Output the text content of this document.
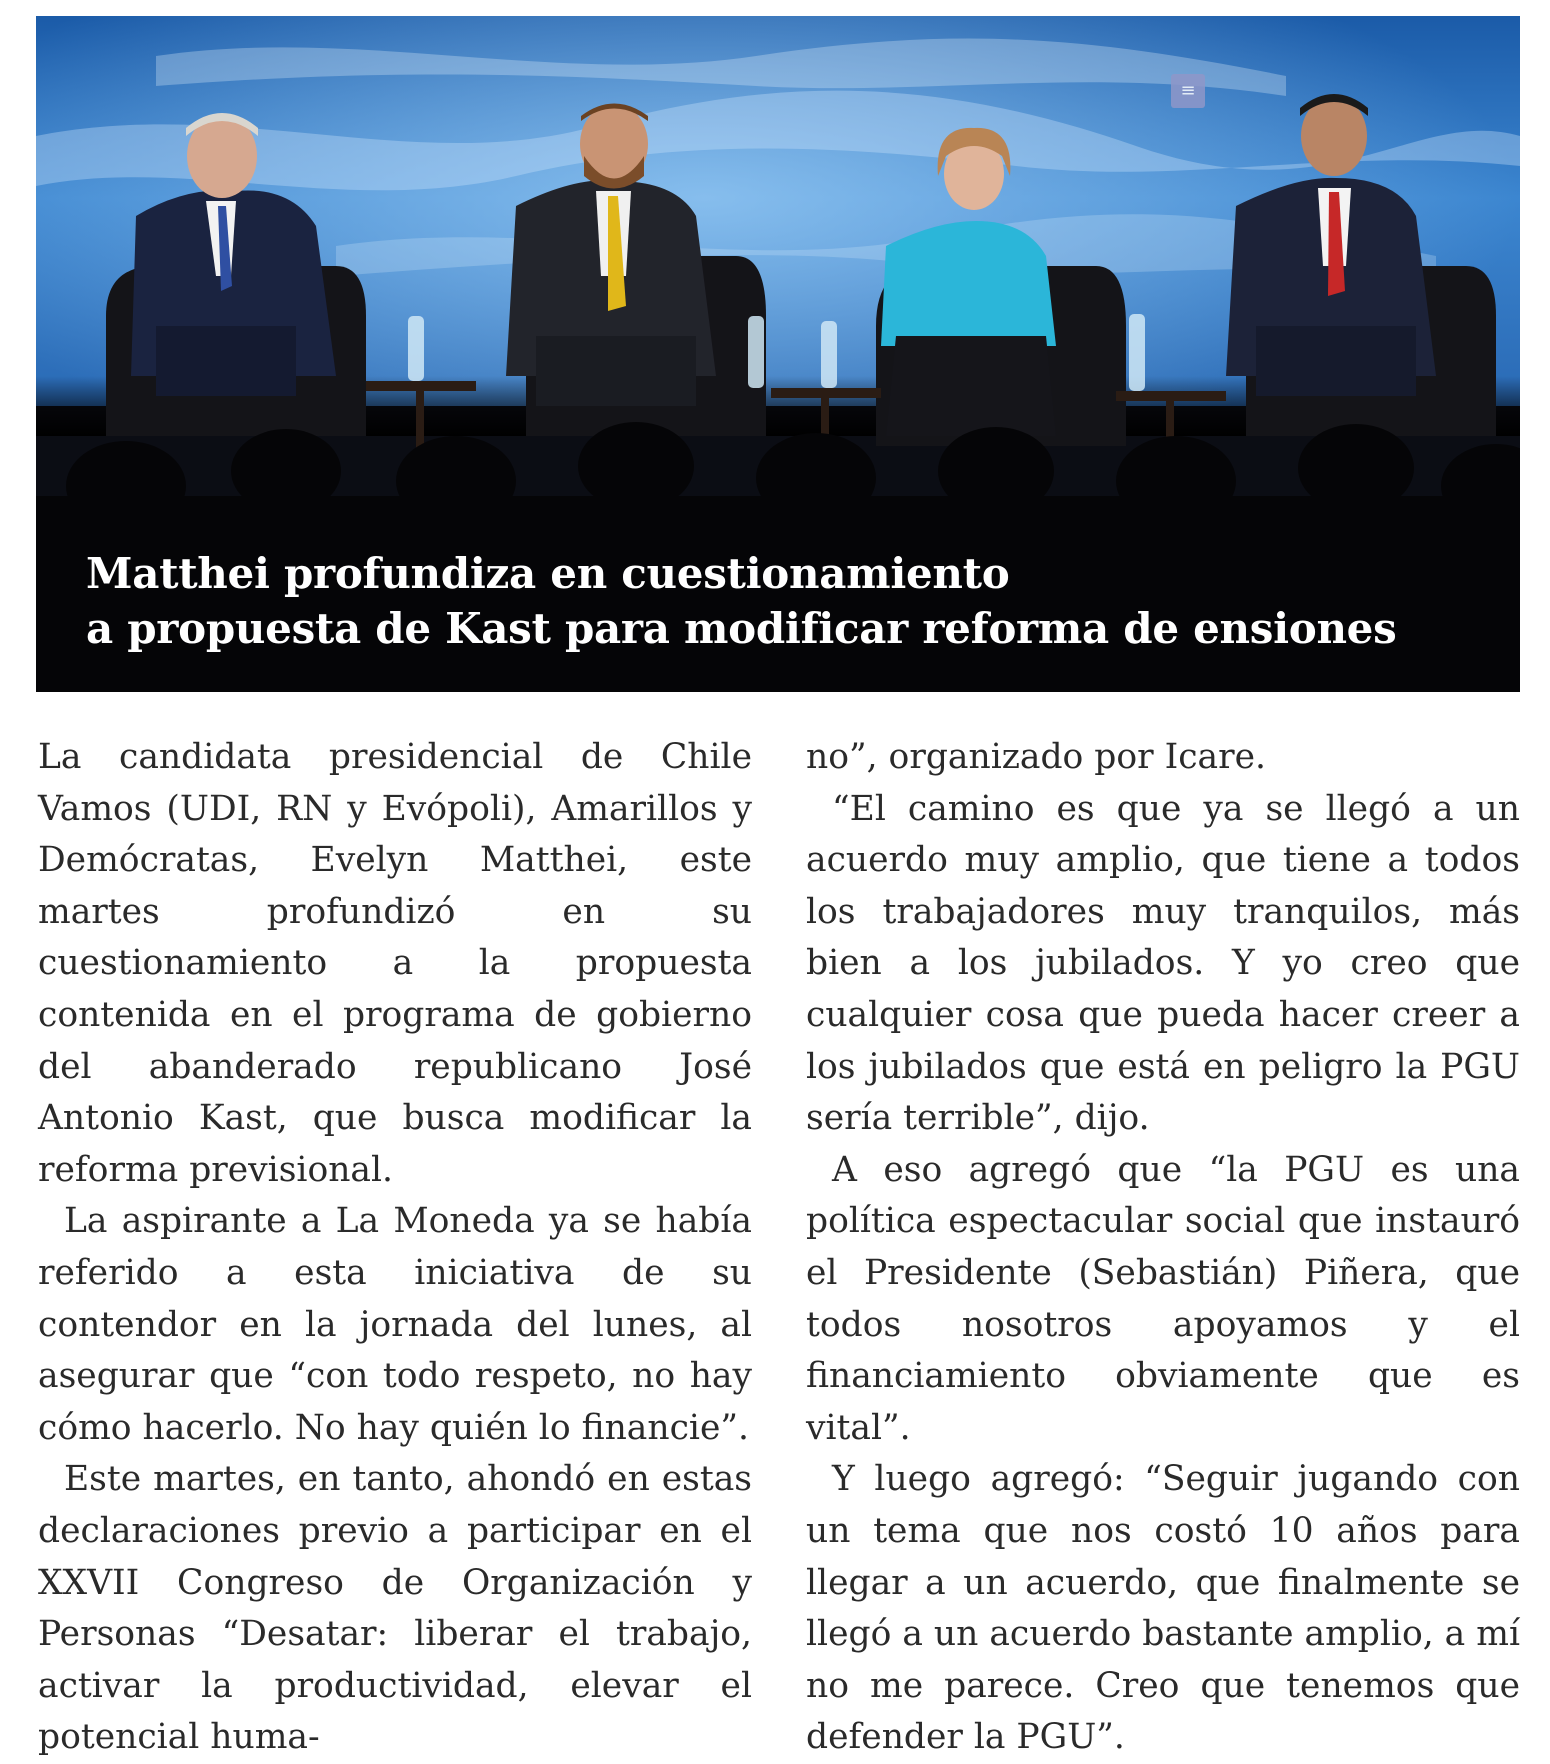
≡
Matthei profundiza en cuestionamiento
a propuesta de Kast para modificar reforma de ensiones

La candidata presidencial de Chile Vamos (UDI, RN y Evópoli), Amarillos y Demócratas, Evelyn Matthei, este martes profundizó en su cuestionamiento a la propuesta contenida en el programa de gobierno del abanderado republicano José Antonio Kast, que busca modificar la reforma previsional.

La aspirante a La Moneda ya se había referido a esta iniciativa de su contendor en la jornada del lunes, al asegurar que “con todo respeto, no hay cómo hacerlo. No hay quién lo financie”.

Este martes, en tanto, ahondó en estas declaraciones previo a participar en el XXVII Congreso de Organización y Personas “Desatar: liberar el trabajo, activar la productividad, elevar el potencial huma-

no”, organizado por Icare.

“El camino es que ya se llegó a un acuerdo muy amplio, que tiene a todos los trabajadores muy tranquilos, más bien a los jubilados. Y yo creo que cualquier cosa que pueda hacer creer a los jubilados que está en peligro la PGU sería terrible”, dijo.

A eso agregó que “la PGU es una política espectacular social que instauró el Presidente (Sebastián) Piñera, que todos nosotros apoyamos y el financiamiento obviamente que es vital”.

Y luego agregó: “Seguir jugando con un tema que nos costó 10 años para llegar a un acuerdo, que finalmente se llegó a un acuerdo bastante amplio, a mí no me parece. Creo que tenemos que defender la PGU”.
